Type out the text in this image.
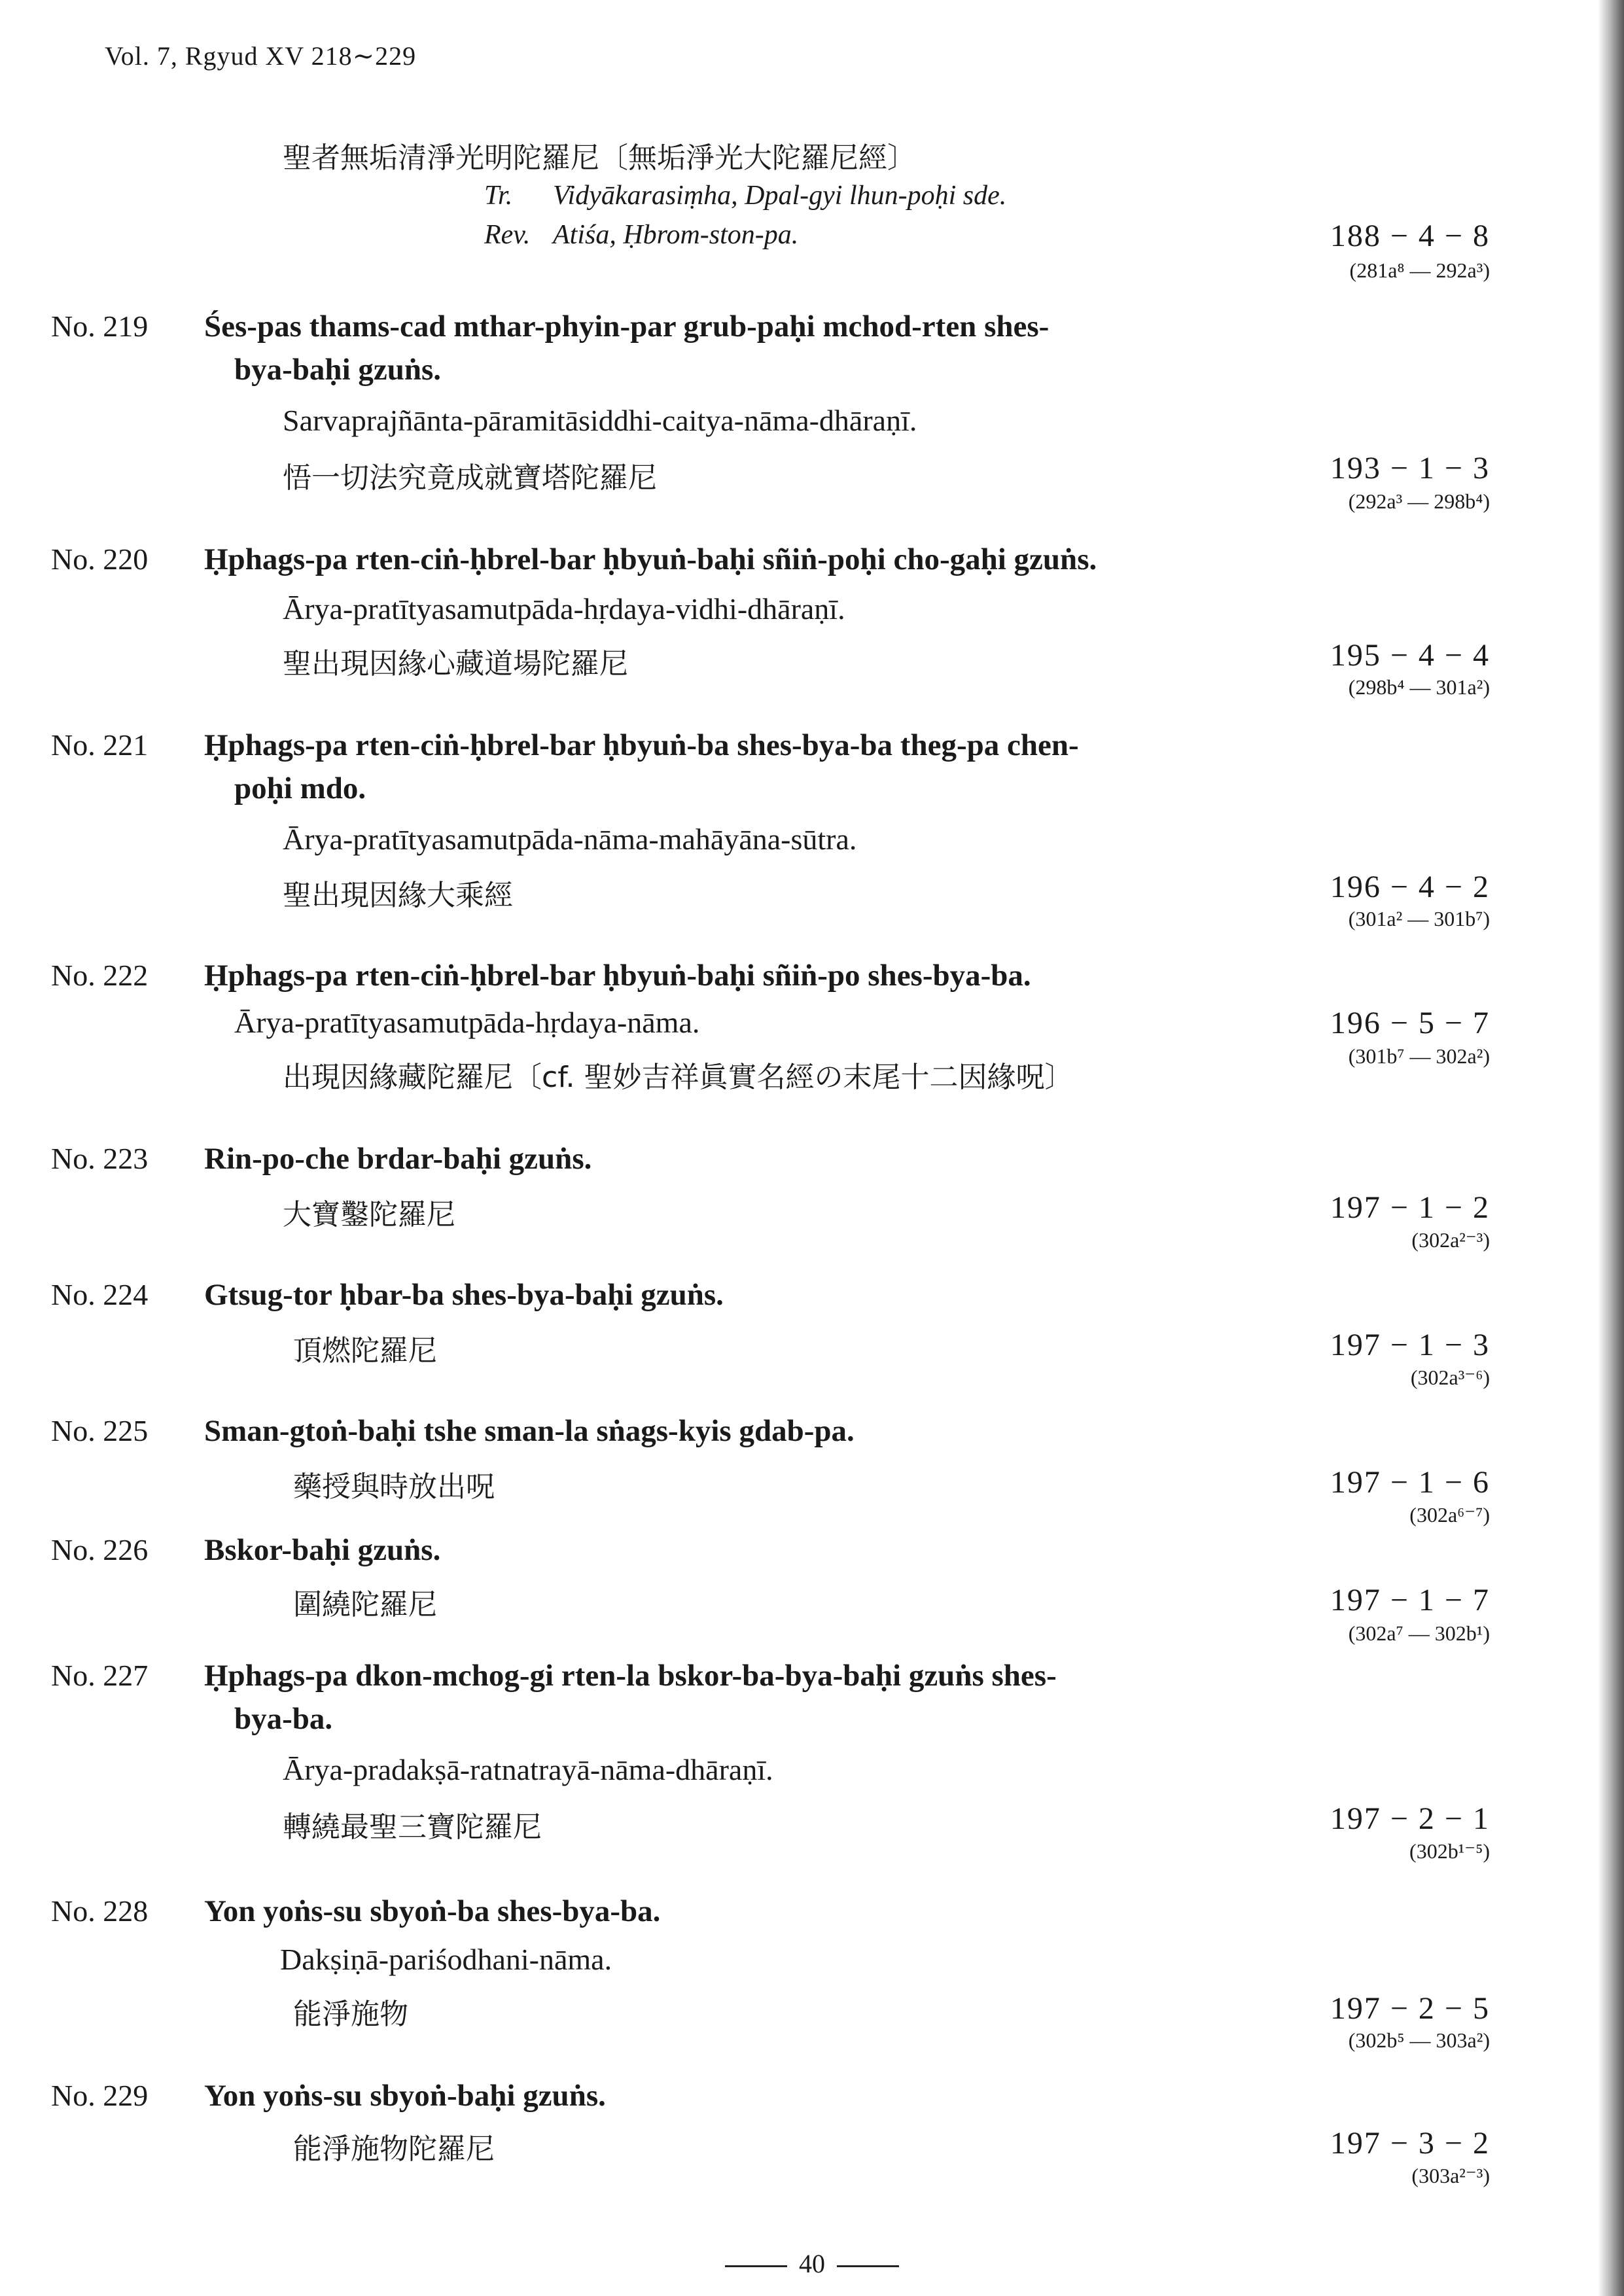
Vol. 7, Rgyud XV 218∼229
聖者無垢清淨光明陀羅尼〔無垢淨光大陀羅尼經〕
Tr. Vidyākarasiṃha, Dpal-gyi lhun-poḥi sde.
Rev. Atiśa, Ḥbrom-ston-pa.	188 − 4 − 8
(281a⁸ — 292a³)
No. 219 Śes-pas thams-cad mthar-phyin-par grub-paḥi mchod-rten shes-
bya-baḥi gzuṅs.
Sarvaprajñānta-pāramitāsiddhi-caitya-nāma-dhāraṇī.
悟一切法究竟成就寶塔陀羅尼	193 − 1 − 3
(292a³ — 298b⁴)
No. 220 Ḥphags-pa rten-ciṅ-ḥbrel-bar ḥbyuṅ-baḥi sñiṅ-poḥi cho-gaḥi gzuṅs.
Ārya-pratītyasamutpāda-hṛdaya-vidhi-dhāraṇī.
聖出現因緣心藏道場陀羅尼	195 − 4 − 4
(298b⁴ — 301a²)
No. 221 Ḥphags-pa rten-ciṅ-ḥbrel-bar ḥbyuṅ-ba shes-bya-ba theg-pa chen-
poḥi mdo.
Ārya-pratītyasamutpāda-nāma-mahāyāna-sūtra.
聖出現因緣大乘經	196 − 4 − 2
(301a² — 301b⁷)
No. 222 Ḥphags-pa rten-ciṅ-ḥbrel-bar ḥbyuṅ-baḥi sñiṅ-po shes-bya-ba.
Ārya-pratītyasamutpāda-hṛdaya-nāma.
出現因緣藏陀羅尼〔cf. 聖妙吉祥眞實名經の末尾十二因緣呪〕
196 − 5 − 7
(301b⁷ — 302a²)
No. 223 Rin-po-che brdar-baḥi gzuṅs.
大寶鑿陀羅尼	197 − 1 − 2
(302a²⁻³)
No. 224 Gtsug-tor ḥbar-ba shes-bya-baḥi gzuṅs.
頂燃陀羅尼	197 − 1 − 3
(302a³⁻⁶)
No. 225 Sman-gtoṅ-baḥi tshe sman-la sṅags-kyis gdab-pa.
藥授與時放出呪	197 − 1 − 6
(302a⁶⁻⁷)
No. 226 Bskor-baḥi gzuṅs.
圍繞陀羅尼	197 − 1 − 7
(302a⁷ — 302b¹)
No. 227 Ḥphags-pa dkon-mchog-gi rten-la bskor-ba-bya-baḥi gzuṅs shes-
bya-ba.
Ārya-pradakṣā-ratnatrayā-nāma-dhāraṇī.
轉繞最聖三寶陀羅尼	197 − 2 − 1
(302b¹⁻⁵)
No. 228 Yon yoṅs-su sbyoṅ-ba shes-bya-ba.
Dakṣiṇā-pariśodhani-nāma.
能淨施物	197 − 2 − 5
(302b⁵ — 303a²)
No. 229 Yon yoṅs-su sbyoṅ-baḥi gzuṅs.
能淨施物陀羅尼	197 − 3 − 2
(303a²⁻³)
40
